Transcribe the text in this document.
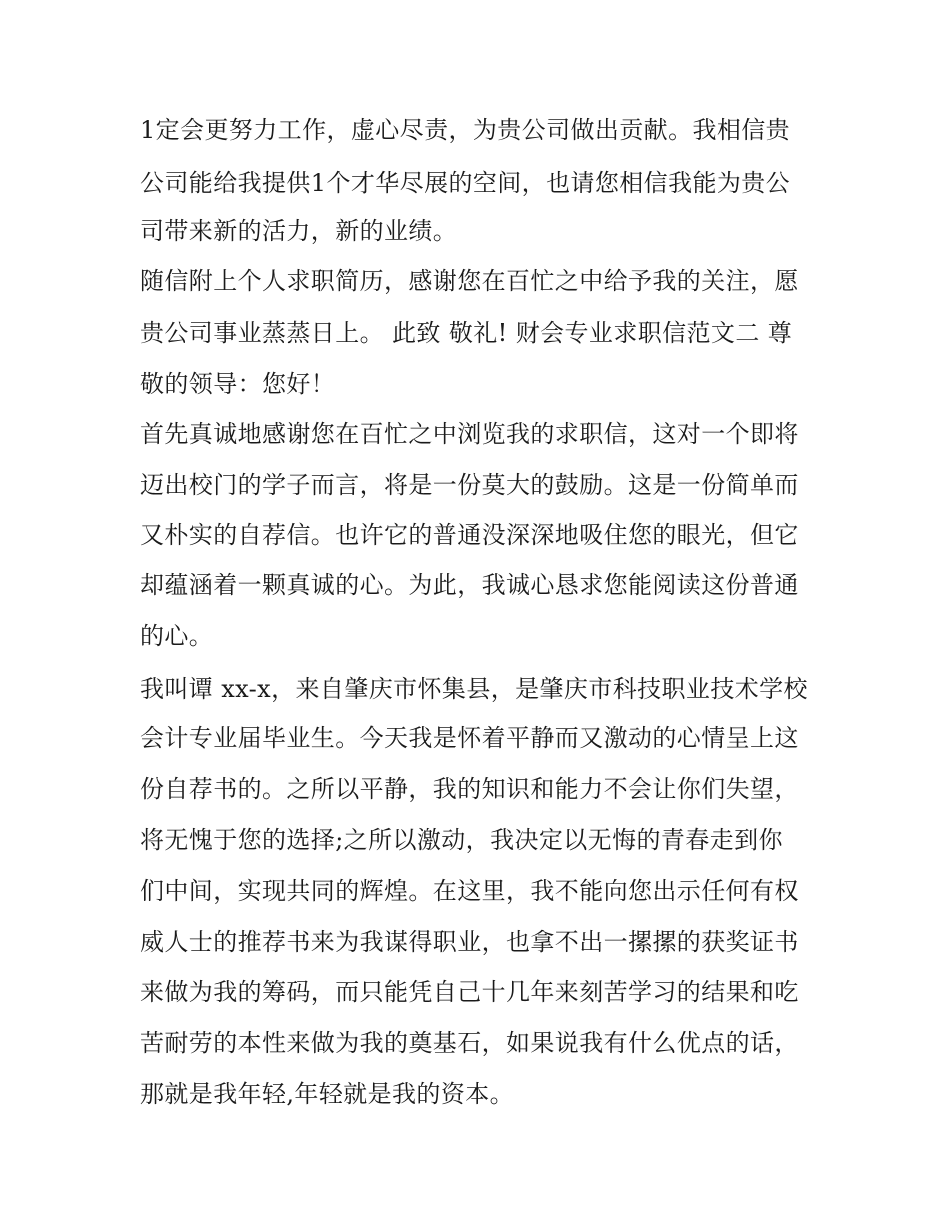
1定会更努力工作，虚心尽责，为贵公司做出贡献。我相信贵
公司能给我提供1个才华尽展的空间，也请您相信我能为贵公
司带来新的活力，新的业绩。
随信附上个人求职简历，感谢您在百忙之中给予我的关注，愿
贵公司事业蒸蒸日上。 此致 敬礼! 财会专业求职信范文二 尊
敬的领导：您好！
首先真诚地感谢您在百忙之中浏览我的求职信，这对一个即将
迈出校门的学子而言，将是一份莫大的鼓励。这是一份简单而
又朴实的自荐信。也许它的普通没深深地吸住您的眼光，但它
却蕴涵着一颗真诚的心。为此，我诚心恳求您能阅读这份普通
的心。
我叫谭 xx-x，来自肇庆市怀集县，是肇庆市科技职业技术学校
会计专业届毕业生。今天我是怀着平静而又激动的心情呈上这
份自荐书的。之所以平静，我的知识和能力不会让你们失望，
将无愧于您的选择;之所以激动，我决定以无悔的青春走到你
们中间，实现共同的辉煌。在这里，我不能向您出示任何有权
威人士的推荐书来为我谋得职业，也拿不出一摞摞的获奖证书
来做为我的筹码，而只能凭自己十几年来刻苦学习的结果和吃
苦耐劳的本性来做为我的奠基石，如果说我有什么优点的话，
那就是我年轻,年轻就是我的资本。
